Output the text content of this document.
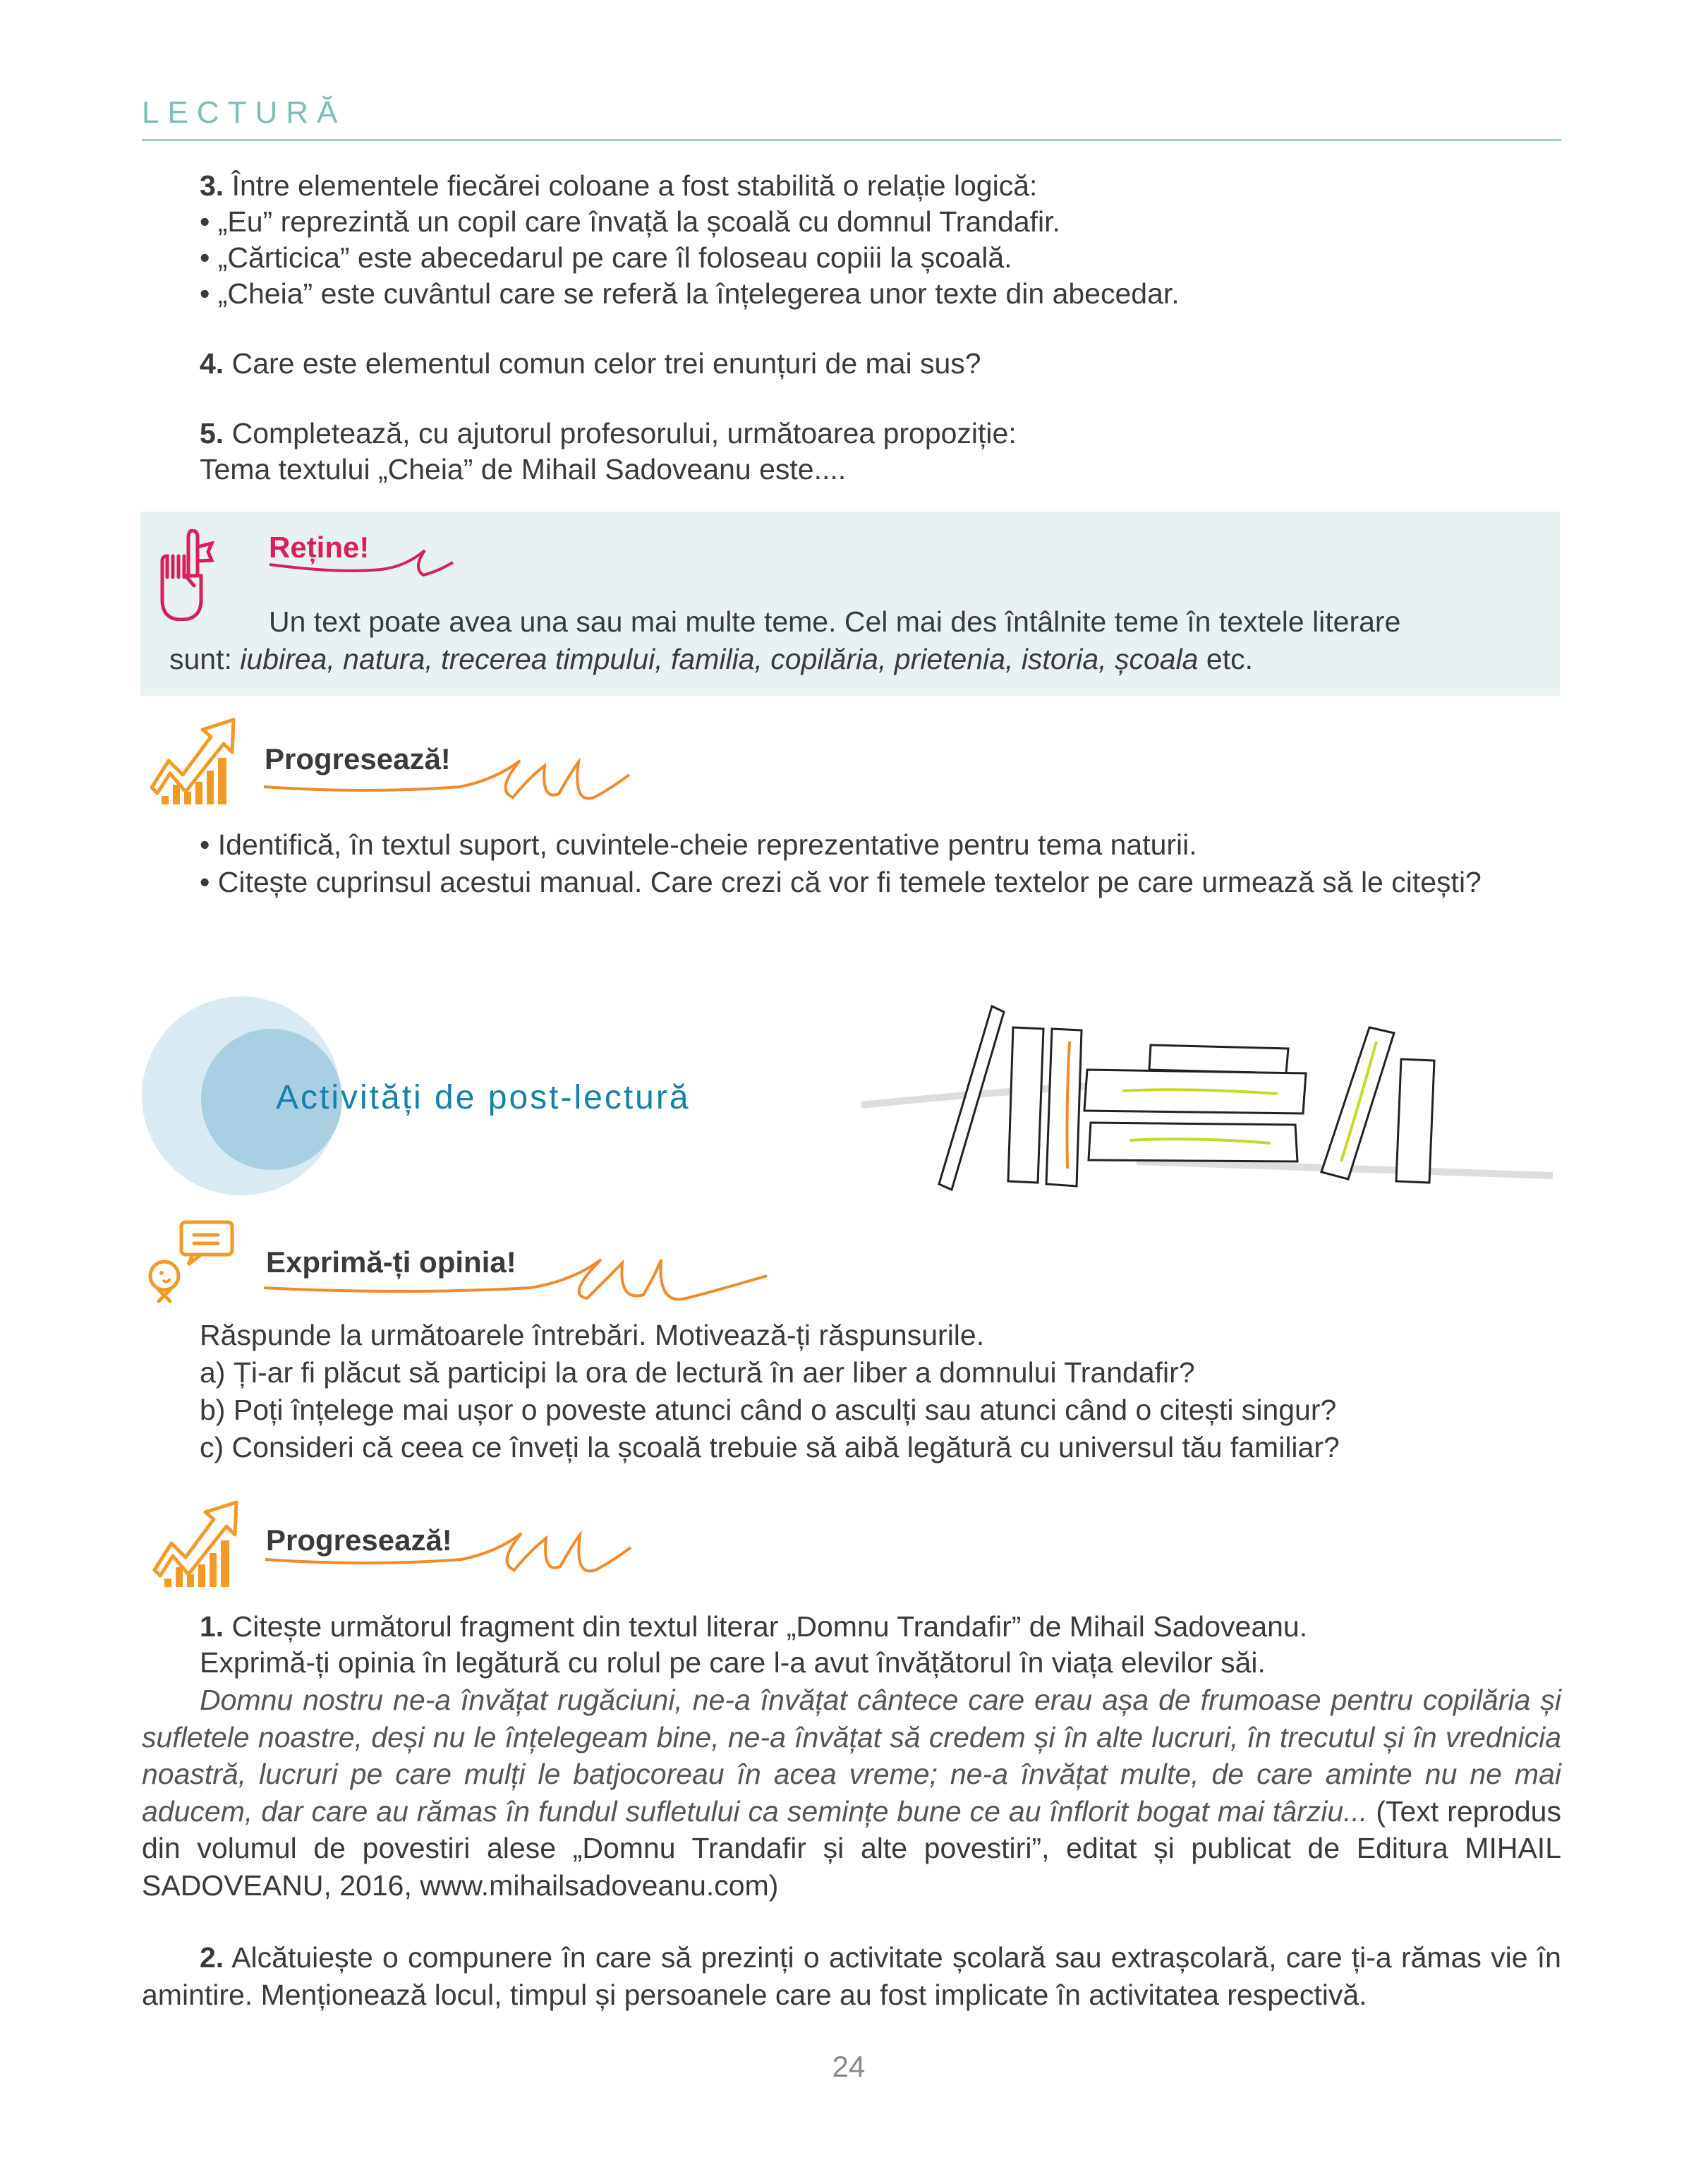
LECTURĂ
3. Între elementele fiecărei coloane a fost stabilită o relație logică:
• „Eu” reprezintă un copil care învață la școală cu domnul Trandafir.
• „Cărticica” este abecedarul pe care îl foloseau copiii la școală.
• „Cheia” este cuvântul care se referă la înțelegerea unor texte din abecedar.
4. Care este elementul comun celor trei enunțuri de mai sus?
5. Completează, cu ajutorul profesorului, următoarea propoziție:
Tema textului „Cheia” de Mihail Sadoveanu este....
Reține!
Un text poate avea una sau mai multe teme. Cel mai des întâlnite teme în textele literare
sunt: iubirea, natura, trecerea timpului, familia, copilăria, prietenia, istoria, școala etc.
Progresează!
• Identifică, în textul suport, cuvintele-cheie reprezentative pentru tema naturii.
• Citește cuprinsul acestui manual. Care crezi că vor fi temele textelor pe care urmează să le citești?
Activități de post-lectură
Exprimă-ți opinia!
Răspunde la următoarele întrebări. Motivează-ți răspunsurile.
a) Ți-ar fi plăcut să participi la ora de lectură în aer liber a domnului Trandafir?
b) Poți înțelege mai ușor o poveste atunci când o asculți sau atunci când o citești singur?
c) Consideri că ceea ce înveți la școală trebuie să aibă legătură cu universul tău familiar?
Progresează!
1. Citește următorul fragment din textul literar „Domnu Trandafir” de Mihail Sadoveanu.
Exprimă-ți opinia în legătură cu rolul pe care l-a avut învățătorul în viața elevilor săi.
Domnu nostru ne-a învățat rugăciuni, ne-a învățat cântece care erau așa de frumoase pentru copilăria și sufletele noastre, deși nu le înțelegeam bine, ne-a învățat să credem și în alte lucruri, în trecutul și în vrednicia noastră, lucruri pe care mulți le batjocoreau în acea vreme; ne-a învățat multe, de care aminte nu ne mai aducem, dar care au rămas în fundul sufletului ca semințe bune ce au înflorit bogat mai târziu... (Text reprodus din volumul de povestiri alese „Domnu Trandafir și alte povestiri”, editat și publicat de Editura MIHAIL SADOVEANU, 2016, www.mihailsadoveanu.com)
2. Alcătuiește o compunere în care să prezinți o activitate școlară sau extrașcolară, care ți-a rămas vie în amintire. Menționează locul, timpul și persoanele care au fost implicate în activitatea respectivă.
24
